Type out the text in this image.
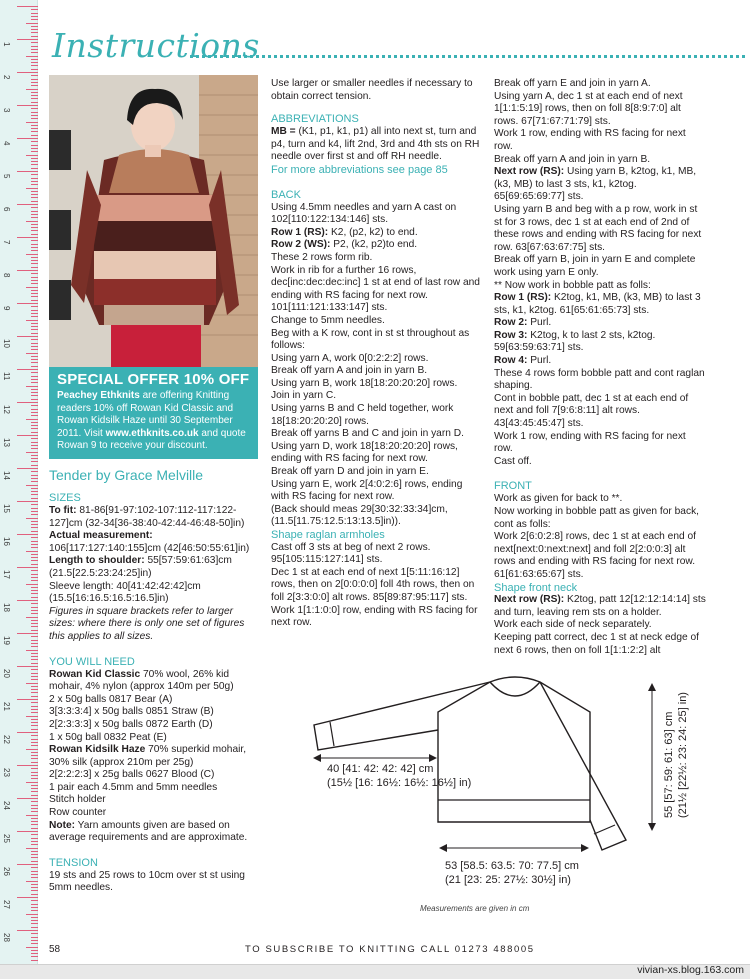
1
2
3
4
5
6
7
8
9
10
11
12
13
14
15
16
17
18
19
20
21
22
23
24
25
26
27
28
Instructions
SPECIAL OFFER 10% OFF

Peachey Ethknits are offering Knitting readers 10% off Rowan Kid Classic and Rowan Kidsilk Haze until 30 September 2011. Visit www.ethknits.co.uk and quote Rowan 9 to receive your discount.

Tender by Grace Melville
SIZES

To fit: 81-86[91-97:102-107:112-117:122-127]cm (32-34[36-38:40-42:44-46:48-50]in)

Actual measurement:
106[117:127:140:155]cm (42[46:50:55:61]in)

Length to shoulder: 55[57:59:61:63]cm (21.5[22.5:23:24:25]in)

Sleeve length: 40[41:42:42:42]cm (15.5[16:16.5:16.5:16.5]in)

Figures in square brackets refer to larger sizes: where there is only one set of figures this applies to all sizes.

YOU WILL NEED

Rowan Kid Classic 70% wool, 26% kid mohair, 4% nylon (approx 140m per 50g)

2 x 50g balls 0817 Bear (A)

3[3:3:3:4] x 50g balls 0851 Straw (B)

2[2:3:3:3] x 50g balls 0872 Earth (D)

1 x 50g ball 0832 Peat (E)

Rowan Kidsilk Haze 70% superkid mohair, 30% silk (approx 210m per 25g)

2[2:2:2:3] x 25g balls 0627 Blood (C)

1 pair each 4.5mm and 5mm needles

Stitch holder

Row counter

Note: Yarn amounts given are based on average requirements and are approximate.

TENSION

19 sts and 25 rows to 10cm over st st using 5mm needles.

Use larger or smaller needles if necessary to obtain correct tension.

ABBREVIATIONS

MB = (K1, p1, k1, p1) all into next st, turn and p4, turn and k4, lift 2nd, 3rd and 4th sts on RH needle over first st and off RH needle.

For more abbreviations see page 85

BACK

Using 4.5mm needles and yarn A cast on 102[110:122:134:146] sts.

Row 1 (RS): K2, (p2, k2) to end.

Row 2 (WS): P2, (k2, p2)to end.

These 2 rows form rib.

Work in rib for a further 16 rows, dec[inc:dec:dec:inc] 1 st at end of last row and ending with RS facing for next row. 101[111:121:133:147] sts.

Change to 5mm needles.

Beg with a K row, cont in st st throughout as follows:

Using yarn A, work 0[0:2:2:2] rows.

Break off yarn A and join in yarn B.

Using yarn B, work 18[18:20:20:20] rows.

Join in yarn C.

Using yarns B and C held together, work 18[18:20:20:20] rows.

Break off yarns B and C and join in yarn D.

Using yarn D, work 18[18:20:20:20] rows, ending with RS facing for next row.

Break off yarn D and join in yarn E.

Using yarn E, work 2[4:0:2:6] rows, ending with RS facing for next row.

(Back should meas 29[30:32:33:34]cm, (11.5[11.75:12.5:13:13.5]in)).

Shape raglan armholes

Cast off 3 sts at beg of next 2 rows. 95[105:115:127:141] sts.

Dec 1 st at each end of next 1[5:11:16:12] rows, then on 2[0:0:0:0] foll 4th rows, then on foll 2[3:3:0:0] alt rows. 85[89:87:95:117] sts.

Work 1[1:1:0:0] row, ending with RS facing for next row.

Break off yarn E and join in yarn A.

Using yarn A, dec 1 st at each end of next 1[1:1:5:19] rows, then on foll 8[8:9:7:0] alt rows. 67[71:67:71:79] sts.

Work 1 row, ending with RS facing for next row.

Break off yarn A and join in yarn B.

Next row (RS): Using yarn B, k2tog, k1, MB, (k3, MB) to last 3 sts, k1, k2tog. 65[69:65:69:77] sts.

Using yarn B and beg with a p row, work in st st for 3 rows, dec 1 st at each end of 2nd of these rows and ending with RS facing for next row. 63[67:63:67:75] sts.

Break off yarn B, join in yarn E and complete work using yarn E only.

** Now work in bobble patt as folls:

Row 1 (RS): K2tog, k1, MB, (k3, MB) to last 3 sts, k1, k2tog. 61[65:61:65:73] sts.

Row 2: Purl.

Row 3: K2tog, k to last 2 sts, k2tog. 59[63:59:63:71] sts.

Row 4: Purl.

These 4 rows form bobble patt and cont raglan shaping.

Cont in bobble patt, dec 1 st at each end of next and foll 7[9:6:8:11] alt rows. 43[43:45:45:47] sts.

Work 1 row, ending with RS facing for next row.

Cast off.

FRONT

Work as given for back to **.

Now working in bobble patt as given for back, cont as folls:

Work 2[6:0:2:8] rows, dec 1 st at each end of next[next:0:next:next] and foll 2[2:0:0:3] alt rows and ending with RS facing for next row. 61[61:63:65:67] sts.

Shape front neck

Next row (RS): K2tog, patt 12[12:12:14:14] sts and turn, leaving rem sts on a holder.

Work each side of neck separately.

Keeping patt correct, dec 1 st at neck edge of next 6 rows, then on foll 1[1:1:2:2] alt

40 [41: 42: 42: 42] cm
(15½ [16: 16½: 16½: 16½] in)
53 [58.5: 63.5: 70: 77.5] cm
(21 [23: 25: 27½: 30½] in)
55 [57: 59: 61: 63] cm (21½ [22½: 23: 24: 25] in)
Measurements are given in cm
58	TO SUBSCRIBE TO KNITTING CALL 01273 488005
vivian-xs.blog.163.com
